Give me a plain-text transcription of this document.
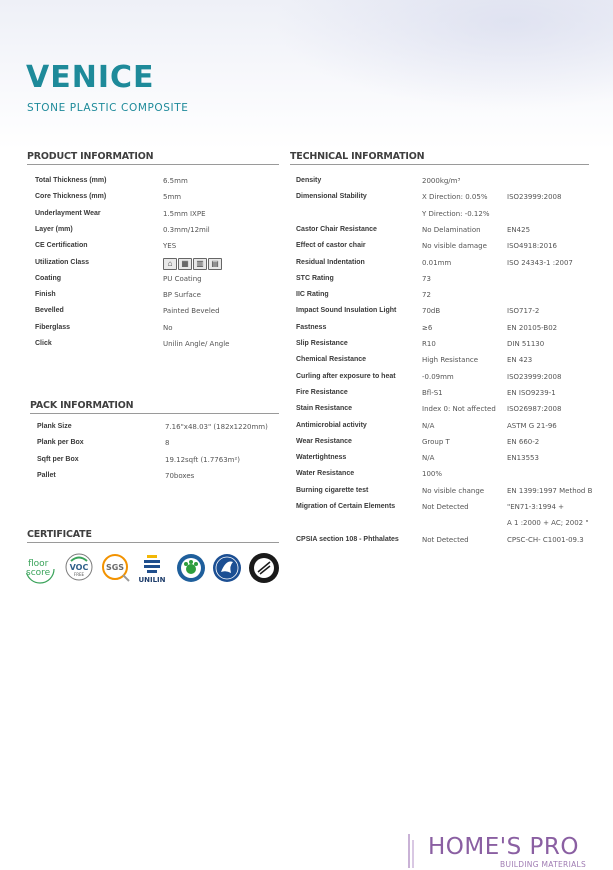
VENICE
STONE PLASTIC COMPOSITE
PRODUCT INFORMATION
Total Thickness (mm)	6.5mm
Core Thickness (mm)	5mm
Underlayment Wear	1.5mm IXPE
Layer (mm)	0.3mm/12mil
CE Certification	YES
Utilization Class	⌂	▦ ▥ ▤
Coating	PU Coating
Finish	BP Surface
Bevelled	Painted Beveled
Fiberglass	No
Click	Unilin Angle/ Angle
PACK INFORMATION
Plank Size	7.16"x48.03" (182x1220mm)
Plank per Box	8
Sqft per Box	19.12sqft (1.7763m²)
Pallet	70boxes
CERTIFICATE
floor
score
VOC
FREE
SGS
UNILIN
TECHNICAL INFORMATION
Density	2000kg/m³
Dimensional Stability	X Direction: 0.05%	ISO23999:2008
Y Direction: -0.12%
Castor Chair Resistance	No Delamination	EN425
Effect of castor chair	No visible damage	ISO4918:2016
Residual Indentation	0.01mm	ISO 24343-1 :2007
STC Rating	73
IIC Rating	72
Impact Sound Insulation Light	70dB	ISO717-2
Fastness	≥6	EN 20105-B02
Slip Resistance	R10	DIN 51130
Chemical Resistance	High Resistance	EN 423
Curling after exposure to heat	-0.09mm	ISO23999:2008
Fire Resistance	Bfl-S1	EN ISO9239-1
Stain Resistance	Index 0: Not affected ISO26987:2008
Antimicrobial activity	N/A	ASTM G 21-96
Wear Resistance	Group T	EN 660-2
Watertightness	N/A	EN13553
Water Resistance	100%
Burning cigarette test	No visible change	EN 1399:1997 Method B
Migration of Certain Elements	Not Detected	"EN71-3:1994 +
A 1 :2000 + AC; 2002 "
CPSIA section 108 - Phthalates	Not Detected	CPSC-CH- C1001-09.3
HOME'S PRO
BUILDING MATERIALS
